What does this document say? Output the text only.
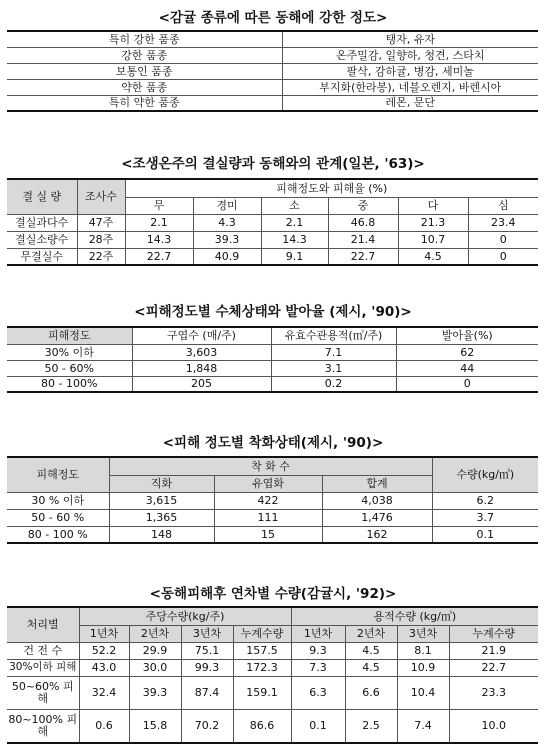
<감귤 종류에 따른 동해에 강한 정도>
특히 강한 품종	탱자, 유자
강한 품종	온주밀감, 일향하, 청견, 스타치
보통인 품종	팔삭, 감하귤, 병감, 세미놀
약한 품종	부지화(한라봉), 네블오렌지, 바렌시아
특히 약한 품종	레몬, 문단
<조생온주의 결실량과 동해와의 관계(일본, '63)>
결 실 량	조사수	피해정도와 피해율 (%)					
		무	경미	소	중	다	심
결실과다수	47주	2.1	4.3	2.1	46.8	21.3	23.4
결실소량수	28주	14.3	39.3	14.3	21.4	10.7	0
무결실수	22주	22.7	40.9	9.1	22.7	4.5	0
<피해정도별 수체상태와 발아율 (제시, '90)>
피해정도	구엽수 (매/주)	유효수관용적(㎥/주)	발아율(%)
30% 이하	3,603	7.1	62
50 - 60%	1,848	3.1	44
80 - 100%	205	0.2	0
<피해 정도별 착화상태(제시, '90)>
피해정도	착 화 수			수량(kg/㎥)
	직화	유엽화	합계	
30 % 이하	3,615	422	4,038	6.2
50 - 60 %	1,365	111	1,476	3.7
80 - 100 %	148	15	162	0.1
<동해피해후 연차별 수량(감귤시, '92)>
처리별	주당수량(kg/주)				용적수량 (kg/㎥)			
	1년차	2년차	3년차	누계수량	1년차	2년차	3년차	누계수량
건 전 수	52.2	29.9	75.1	157.5	9.3	4.5	8.1	21.9
30%이하 피해	43.0	30.0	99.3	172.3	7.3	4.5	10.9	22.7
50~60% 피해	32.4	39.3	87.4	159.1	6.3	6.6	10.4	23.3
80~100% 피해	0.6	15.8	70.2	86.6	0.1	2.5	7.4	10.0
